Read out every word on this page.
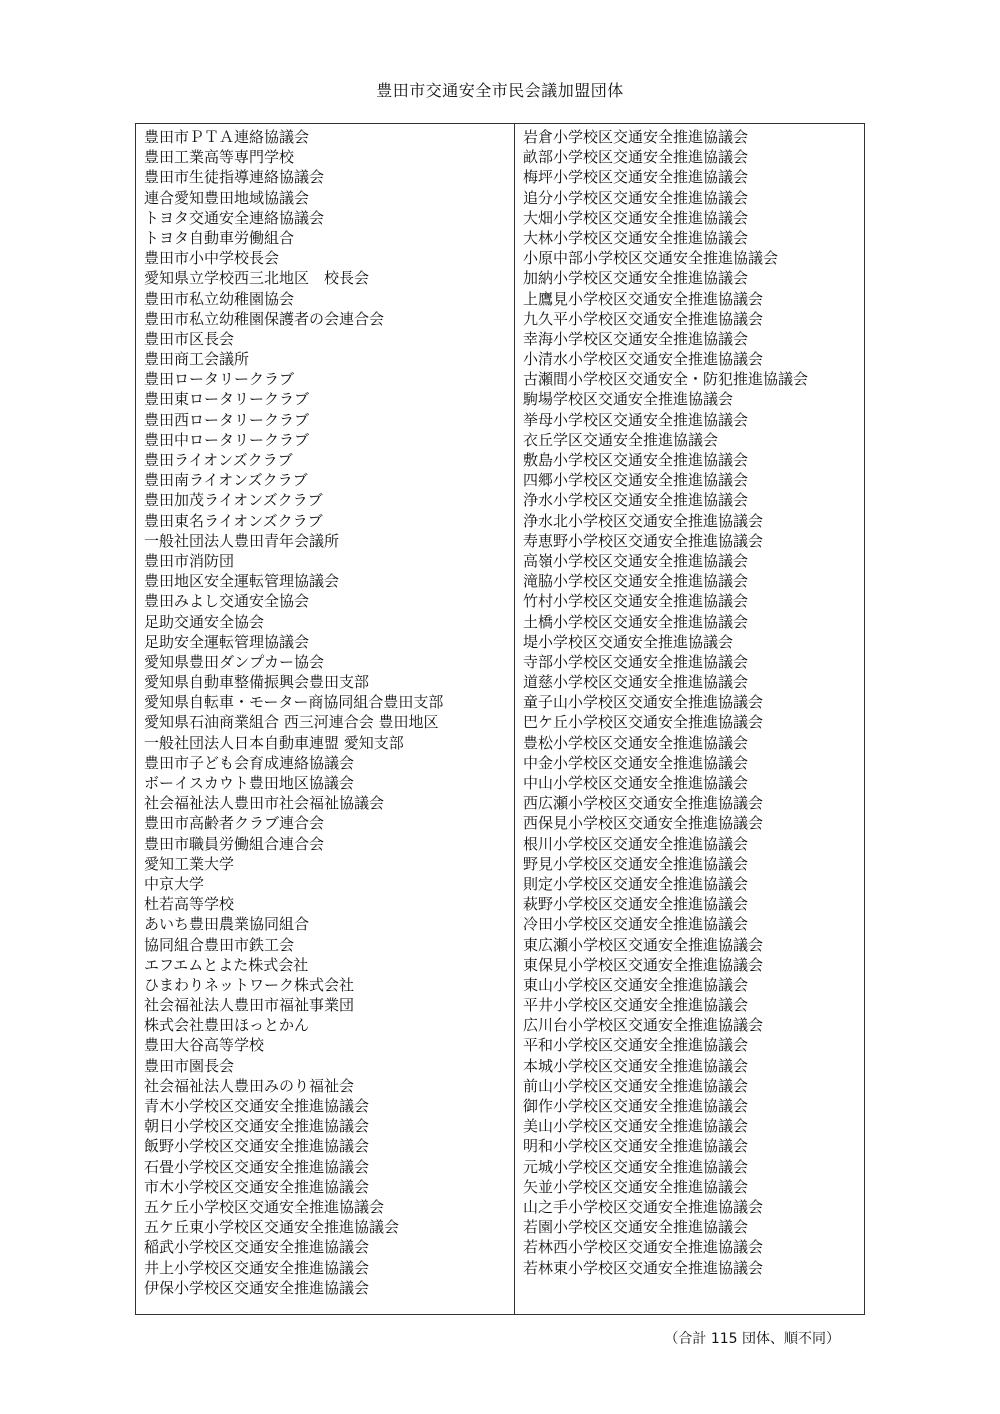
豊田市交通安全市民会議加盟団体
豊田市ＰＴＡ連絡協議会
豊田工業高等専門学校
豊田市生徒指導連絡協議会
連合愛知豊田地域協議会
トヨタ交通安全連絡協議会
トヨタ自動車労働組合
豊田市小中学校長会
愛知県立学校西三北地区　校長会
豊田市私立幼稚園協会
豊田市私立幼稚園保護者の会連合会
豊田市区長会
豊田商工会議所
豊田ロータリークラブ
豊田東ロータリークラブ
豊田西ロータリークラブ
豊田中ロータリークラブ
豊田ライオンズクラブ
豊田南ライオンズクラブ
豊田加茂ライオンズクラブ
豊田東名ライオンズクラブ
一般社団法人豊田青年会議所
豊田市消防団
豊田地区安全運転管理協議会
豊田みよし交通安全協会
足助交通安全協会
足助安全運転管理協議会
愛知県豊田ダンプカー協会
愛知県自動車整備振興会豊田支部
愛知県自転車・モーター商協同組合豊田支部
愛知県石油商業組合 西三河連合会 豊田地区
一般社団法人日本自動車連盟 愛知支部
豊田市子ども会育成連絡協議会
ボーイスカウト豊田地区協議会
社会福祉法人豊田市社会福祉協議会
豊田市高齢者クラブ連合会
豊田市職員労働組合連合会
愛知工業大学
中京大学
杜若高等学校
あいち豊田農業協同組合
協同組合豊田市鉄工会
エフエムとよた株式会社
ひまわりネットワーク株式会社
社会福祉法人豊田市福祉事業団
株式会社豊田ほっとかん
豊田大谷高等学校
豊田市園長会
社会福祉法人豊田みのり福祉会
青木小学校区交通安全推進協議会
朝日小学校区交通安全推進協議会
飯野小学校区交通安全推進協議会
石畳小学校区交通安全推進協議会
市木小学校区交通安全推進協議会
五ケ丘小学校区交通安全推進協議会
五ケ丘東小学校区交通安全推進協議会
稲武小学校区交通安全推進協議会
井上小学校区交通安全推進協議会
伊保小学校区交通安全推進協議会
岩倉小学校区交通安全推進協議会
畝部小学校区交通安全推進協議会
梅坪小学校区交通安全推進協議会
追分小学校区交通安全推進協議会
大畑小学校区交通安全推進協議会
大林小学校区交通安全推進協議会
小原中部小学校区交通安全推進協議会
加納小学校区交通安全推進協議会
上鷹見小学校区交通安全推進協議会
九久平小学校区交通安全推進協議会
幸海小学校区交通安全推進協議会
小清水小学校区交通安全推進協議会
古瀬間小学校区交通安全・防犯推進協議会
駒場学校区交通安全推進協議会
挙母小学校区交通安全推進協議会
衣丘学区交通安全推進協議会
敷島小学校区交通安全推進協議会
四郷小学校区交通安全推進協議会
浄水小学校区交通安全推進協議会
浄水北小学校区交通安全推進協議会
寿恵野小学校区交通安全推進協議会
高嶺小学校区交通安全推進協議会
滝脇小学校区交通安全推進協議会
竹村小学校区交通安全推進協議会
土橋小学校区交通安全推進協議会
堤小学校区交通安全推進協議会
寺部小学校区交通安全推進協議会
道慈小学校区交通安全推進協議会
童子山小学校区交通安全推進協議会
巴ケ丘小学校区交通安全推進協議会
豊松小学校区交通安全推進協議会
中金小学校区交通安全推進協議会
中山小学校区交通安全推進協議会
西広瀬小学校区交通安全推進協議会
西保見小学校区交通安全推進協議会
根川小学校区交通安全推進協議会
野見小学校区交通安全推進協議会
則定小学校区交通安全推進協議会
萩野小学校区交通安全推進協議会
冷田小学校区交通安全推進協議会
東広瀬小学校区交通安全推進協議会
東保見小学校区交通安全推進協議会
東山小学校区交通安全推進協議会
平井小学校区交通安全推進協議会
広川台小学校区交通安全推進協議会
平和小学校区交通安全推進協議会
本城小学校区交通安全推進協議会
前山小学校区交通安全推進協議会
御作小学校区交通安全推進協議会
美山小学校区交通安全推進協議会
明和小学校区交通安全推進協議会
元城小学校区交通安全推進協議会
矢並小学校区交通安全推進協議会
山之手小学校区交通安全推進協議会
若園小学校区交通安全推進協議会
若林西小学校区交通安全推進協議会
若林東小学校区交通安全推進協議会
（合計 115 団体、順不同）
